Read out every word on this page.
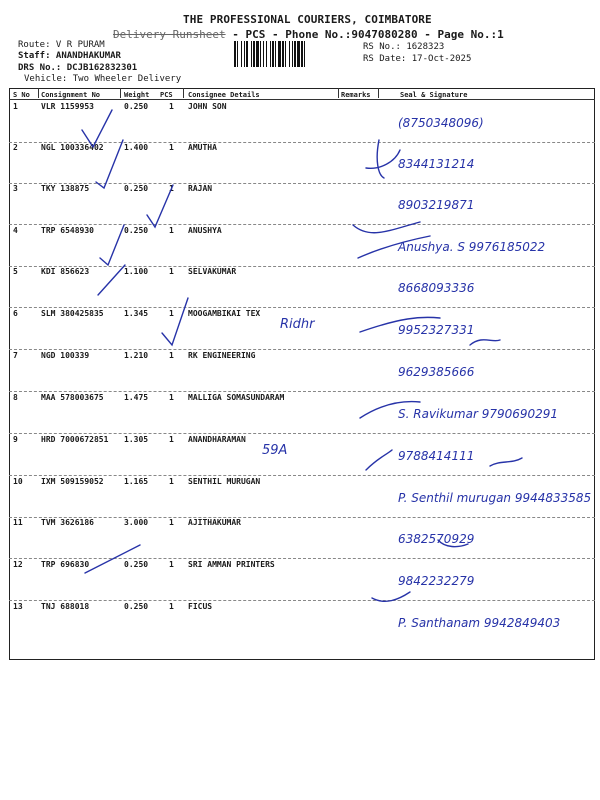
THE PROFESSIONAL COURIERS, COIMBATORE
Delivery Runsheet - PCS - Phone No.:9047080280 - Page No.:1
Route: V R PURAM
Staff: ANANDHAKUMAR
DRS No.: DCJB162832301
Vehicle: Two Wheeler Delivery
RS No.: 1628323
RS Date: 17-Oct-2025
S No Consignment No	Weight PCS Consignee Details	Remarks	Seal & Signature
1	VLR 1159953	0.250	1 JOHN SON
(8750348096)
2	NGL 100336402	1.400	1 AMUTHA
8344131214
3	TKY 138875	0.250	1 RAJAN
8903219871
4	TRP 6548930	0.250	1 ANUSHYA
Anushya. S 9976185022
5	KDI 856623	1.100	1 SELVAKUMAR
8668093336
6	SLM 380425835	1.345	1 MOOGAMBIKAI TEX
Ridhr	9952327331
7	NGD 100339	1.210	1 RK ENGINEERING
9629385666
8	MAA 578003675	1.475	1 MALLIGA SOMASUNDARAM
S. Ravikumar 9790690291
9	HRD 7000672851 1.305	1 ANANDHARAMAN
59A	9788414111
10 IXM 509159052	1.165	1 SENTHIL MURUGAN
P. Senthil murugan 9944833585
11 TVM 3626186	3.000	1 AJITHAKUMAR
6382570929
12 TRP 696830	0.250	1 SRI AMMAN PRINTERS
9842232279
13 TNJ 688018	0.250	1 FICUS
P. Santhanam 9942849403
